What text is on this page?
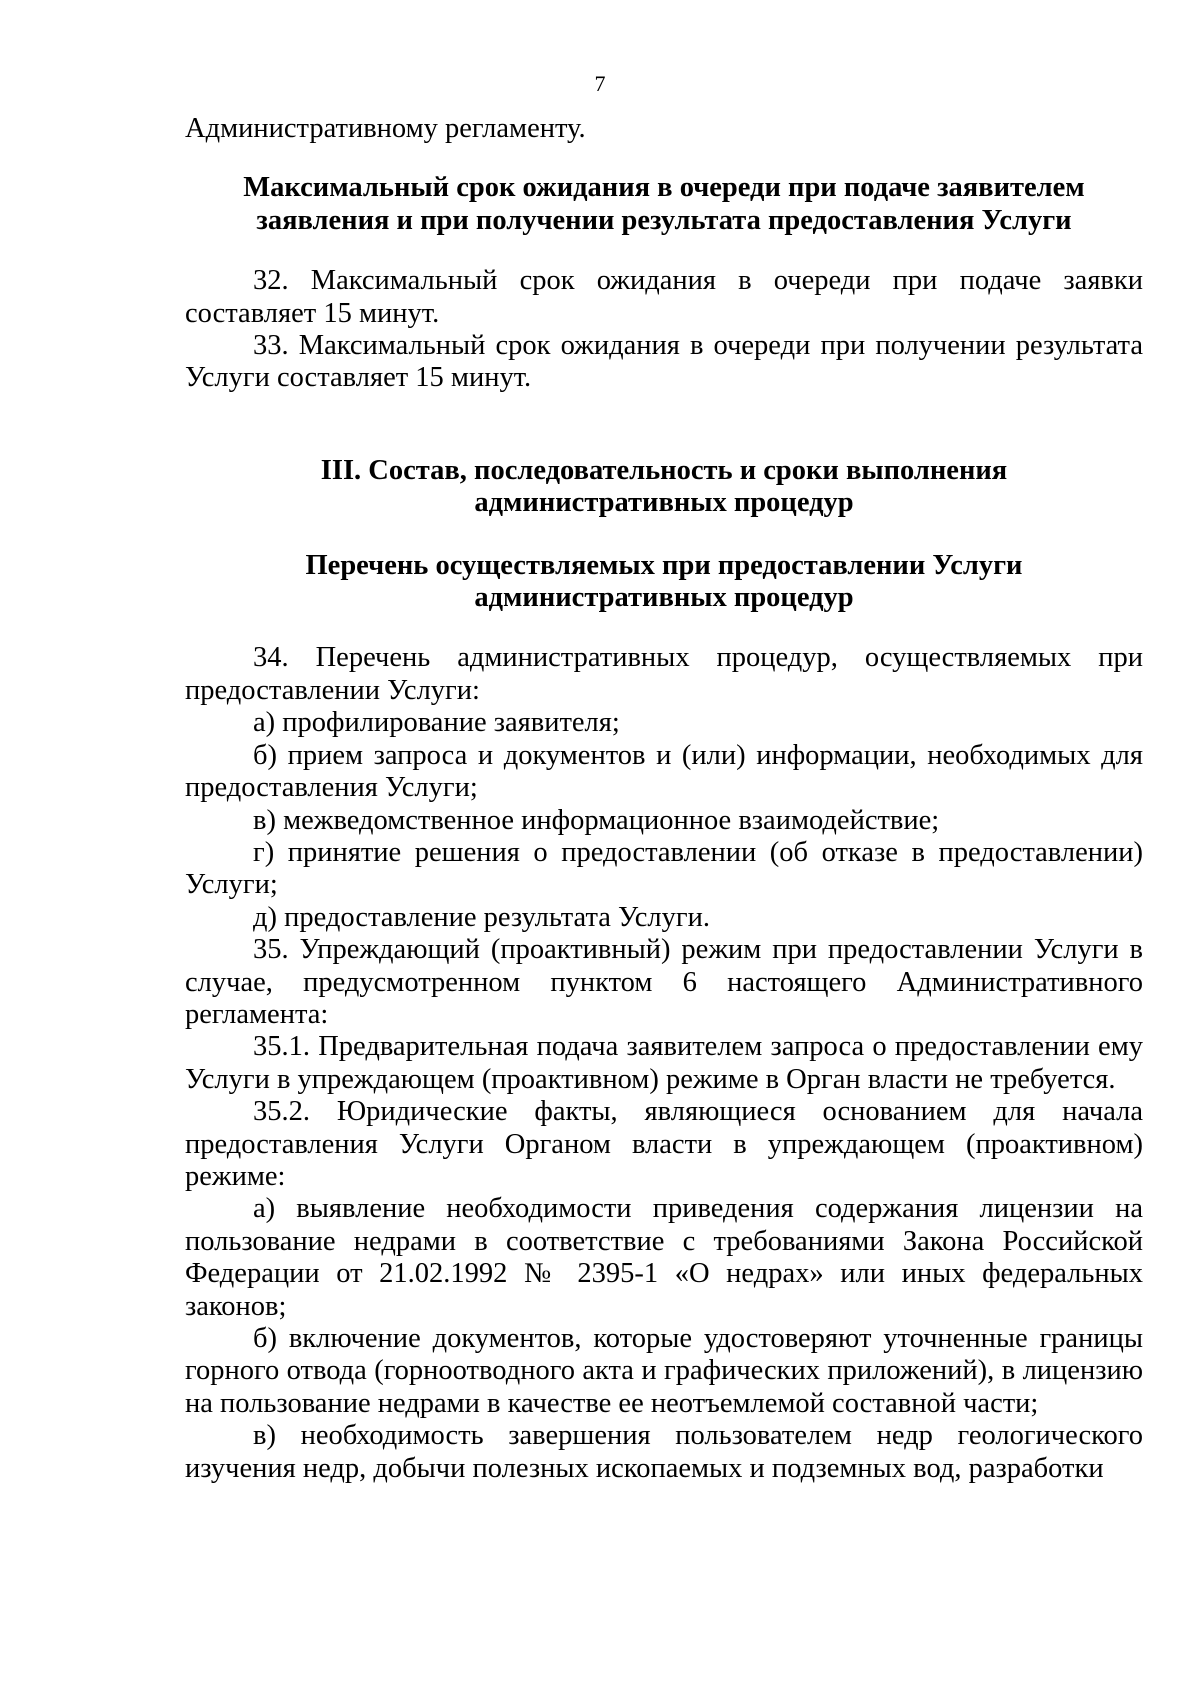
7

Административному регламенту.

Максимальный срок ожидания в очереди при подаче заявителем
заявления и при получении результата предоставления Услуги

32. Максимальный срок ожидания в очереди при подаче заявки составляет 15 минут.

33. Максимальный срок ожидания в очереди при получении результата Услуги составляет 15 минут.

III. Состав, последовательность и сроки выполнения
административных процедур
Перечень осуществляемых при предоставлении Услуги
административных процедур

34. Перечень административных процедур, осуществляемых при предоставлении Услуги:

а) профилирование заявителя;

б) прием запроса и документов и (или) информации, необходимых для предоставления Услуги;

в) межведомственное информационное взаимодействие;

г) принятие решения о предоставлении (об отказе в предоставлении) Услуги;

д) предоставление результата Услуги.

35. Упреждающий (проактивный) режим при предоставлении Услуги в случае, предусмотренном пунктом 6 настоящего Административного регламента:

35.1. Предварительная подача заявителем запроса о предоставлении ему Услуги в упреждающем (проактивном) режиме в Орган власти не требуется.

35.2. Юридические факты, являющиеся основанием для начала предоставления Услуги Органом власти в упреждающем (проактивном) режиме:

а) выявление необходимости приведения содержания лицензии на пользование недрами в соответствие с требованиями Закона Российской Федерации от 21.02.1992 № 2395-1 «О недрах» или иных федеральных законов;

б) включение документов, которые удостоверяют уточненные границы горного отвода (горноотводного акта и графических приложений), в лицензию на пользование недрами в качестве ее неотъемлемой составной части;

в) необходимость завершения пользователем недр геологического изучения недр, добычи полезных ископаемых и подземных вод, разработки
